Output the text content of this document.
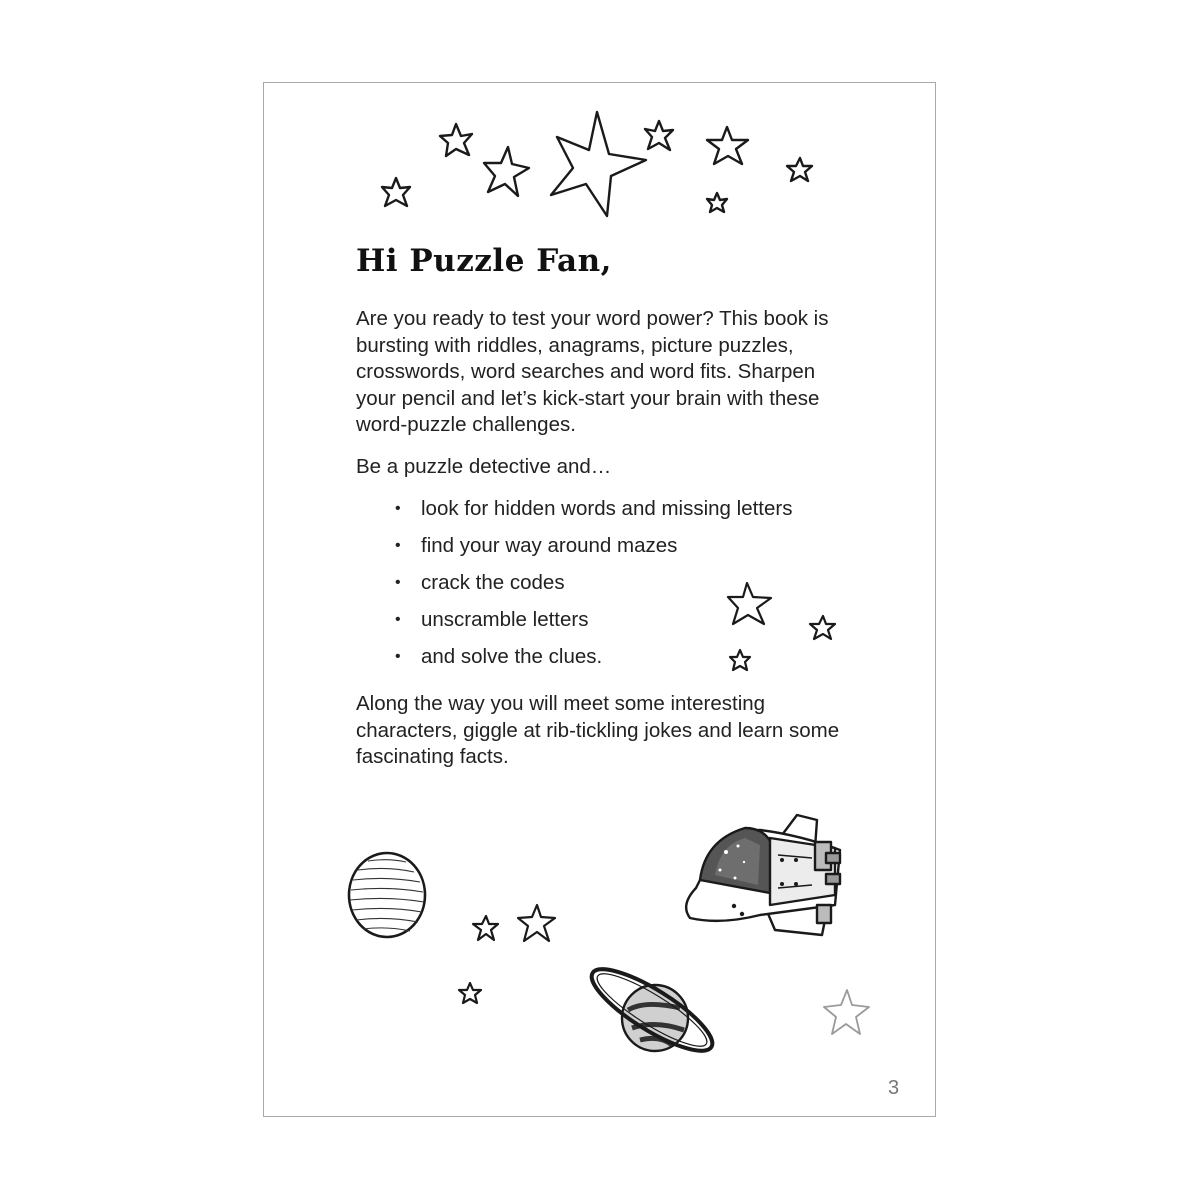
Hi Puzzle Fan,

Are you ready to test your word power? This book is bursting with riddles, anagrams, picture puzzles, crosswords, word searches and word fits. Sharpen your pencil and let’s kick-start your brain with these word-puzzle challenges.

Be a puzzle detective and…

• look for hidden words and missing letters
• find your way around mazes
• crack the codes
• unscramble letters
• and solve the clues.

Along the way you will meet some interesting characters, giggle at rib-tickling jokes and learn some fascinating facts.

3
